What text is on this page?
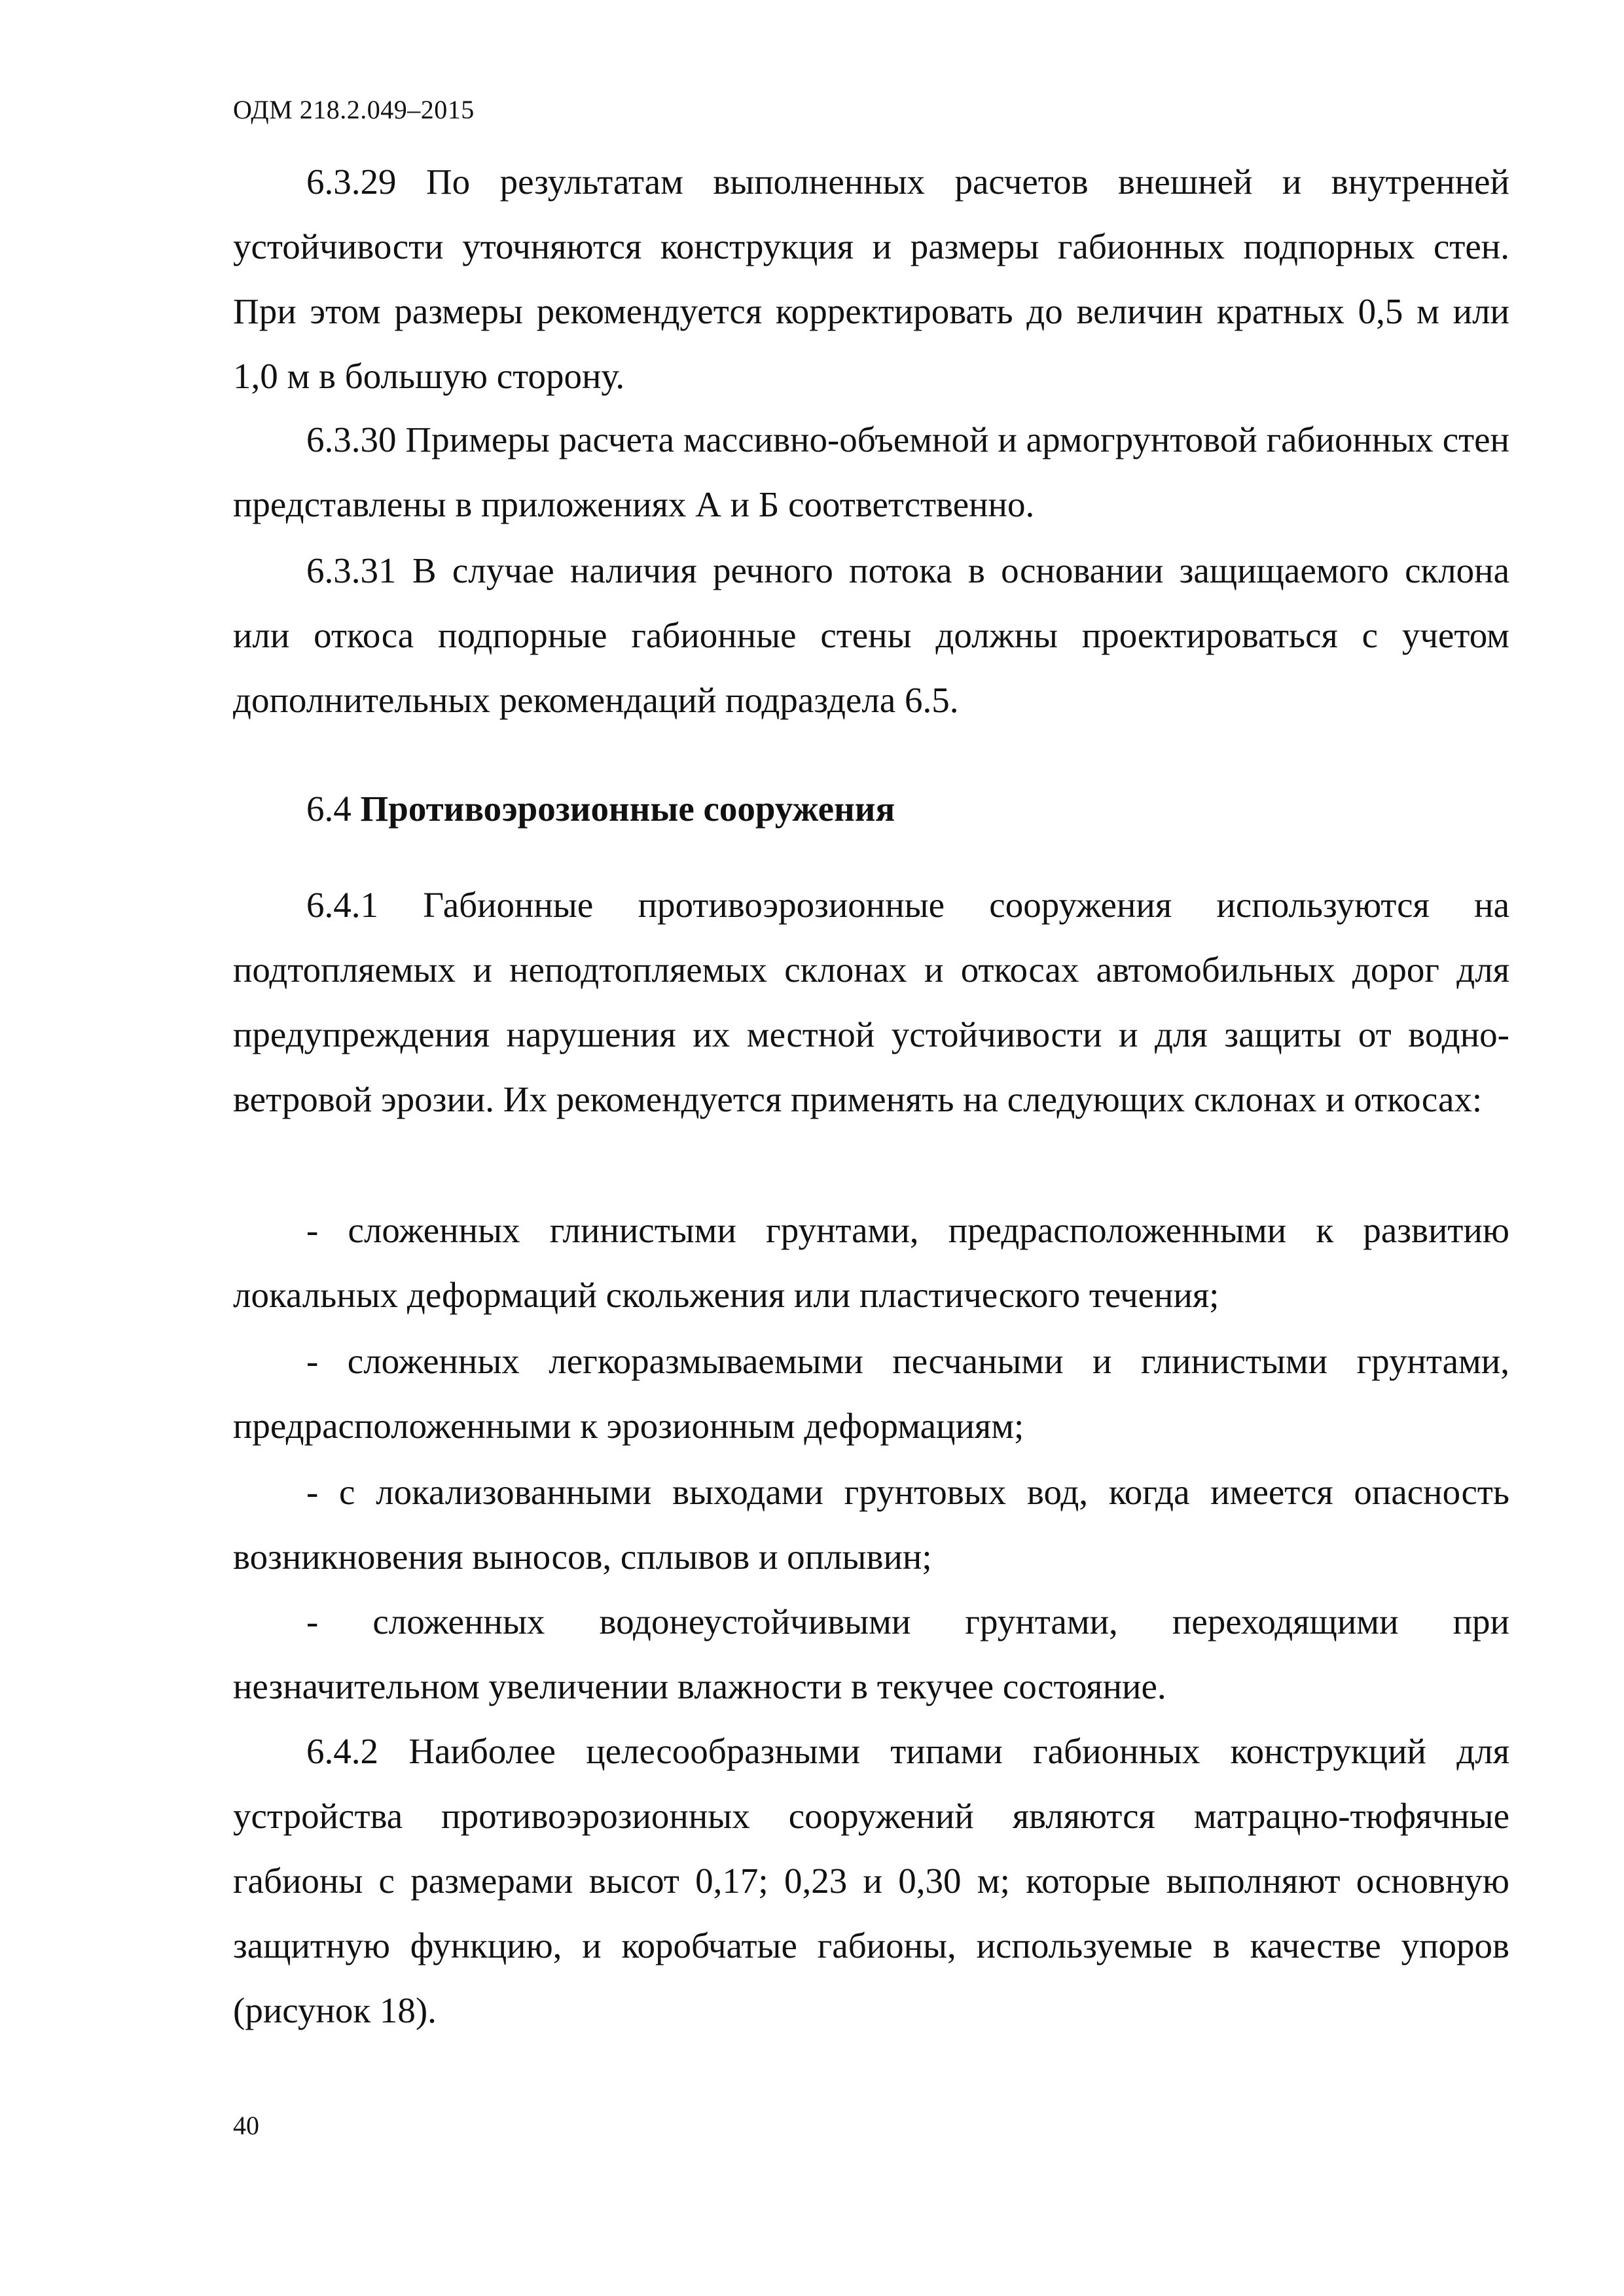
ОДМ 218.2.049–2015

6.3.29 По результатам выполненных расчетов внешней и внутренней устойчивости уточняются конструкция и размеры габионных подпорных стен. При этом размеры рекомендуется корректировать до величин кратных 0,5 м или 1,0 м в большую сторону.

6.3.30 Примеры расчета массивно-объемной и армогрунтовой габионных стен представлены в приложениях А и Б соответственно.

6.3.31 В случае наличия речного потока в основании защищаемого склона или откоса подпорные габионные стены должны проектироваться с учетом дополнительных рекомендаций подраздела 6.5.

6.4 Противоэрозионные сооружения

6.4.1 Габионные противоэрозионные сооружения используются на подтопляемых и неподтопляемых склонах и откосах автомобильных дорог для предупреждения нарушения их местной устойчивости и для защиты от водно-ветровой эрозии. Их рекомендуется применять на следующих склонах и откосах:

- сложенных глинистыми грунтами, предрасположенными к развитию локальных деформаций скольжения или пластического течения;

- сложенных легкоразмываемыми песчаными и глинистыми грунтами, предрасположенными к эрозионным деформациям;

- с локализованными выходами грунтовых вод, когда имеется опасность возникновения выносов, сплывов и оплывин;

- сложенных водонеустойчивыми грунтами, переходящими при незначительном увеличении влажности в текучее состояние.

6.4.2 Наиболее целесообразными типами габионных конструкций для устройства противоэрозионных сооружений являются матрацно-тюфячные габионы с размерами высот 0,17; 0,23 и 0,30 м; которые выполняют основную защитную функцию, и коробчатые габионы, используемые в качестве упоров (рисунок 18).

40
